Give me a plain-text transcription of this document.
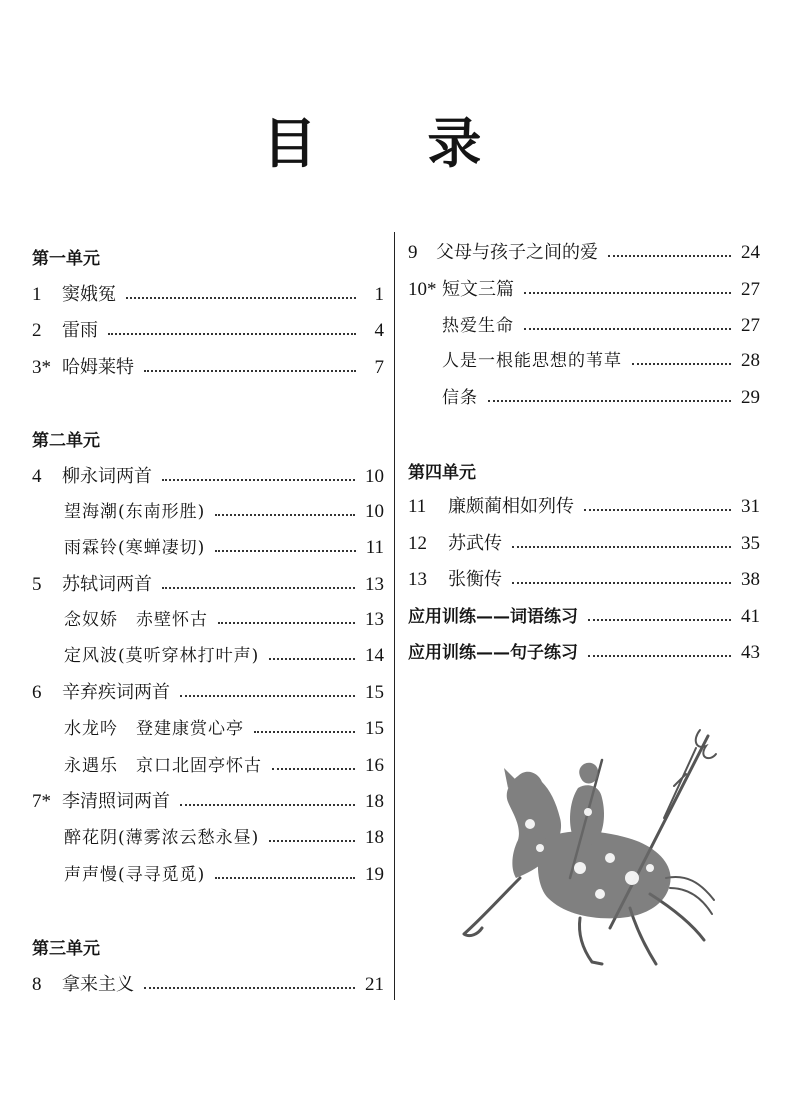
目 录
第一单元
1	窦娥冤	1
2	雷雨	4
3* 哈姆莱特	7
第二单元
4	柳永词两首	10
望海潮(东南形胜)	10
雨霖铃(寒蝉凄切)	11
5	苏轼词两首	13
念奴娇　赤壁怀古	13
定风波(莫听穿林打叶声)	14
6	辛弃疾词两首	15
水龙吟　登建康赏心亭	15
永遇乐　京口北固亭怀古	16
7* 李清照词两首	18
醉花阴(薄雾浓云愁永昼)	18
声声慢(寻寻觅觅)	19
第三单元
8	拿来主义	21
9	父母与孩子之间的爱	24
10* 短文三篇	27
热爱生命	27
人是一根能思想的苇草	28
信条	29
第四单元
11	廉颇蔺相如列传	31
12	苏武传	35
13	张衡传	38
应用训练——词语练习	41
应用训练——句子练习	43
